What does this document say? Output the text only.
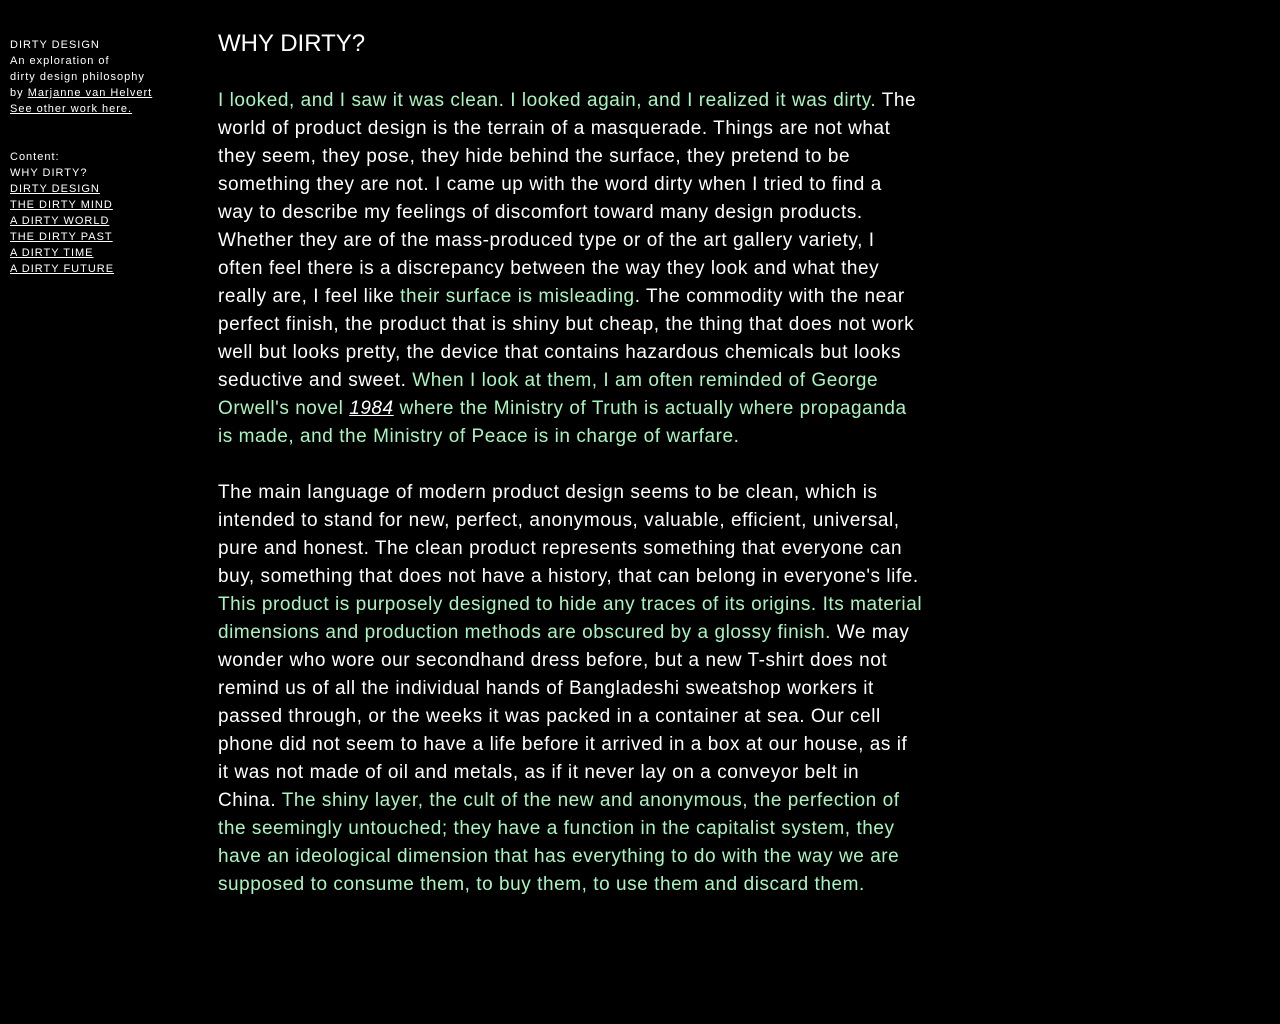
DIRTY DESIGN
An exploration of
dirty design philosophy
by Marjanne van Helvert
See other work here.
Content:
WHY DIRTY?
DIRTY DESIGN
THE DIRTY MIND
A DIRTY WORLD
THE DIRTY PAST
A DIRTY TIME
A DIRTY FUTURE
WHY DIRTY?

I looked, and I saw it was clean. I looked again, and I realized it was dirty. The world of product design is the terrain of a masquerade. Things are not what they seem, they pose, they hide behind the surface, they pretend to be something they are not. I came up with the word dirty when I tried to find a way to describe my feelings of discomfort toward many design products. Whether they are of the mass-produced type or of the art gallery variety, I often feel there is a discrepancy between the way they look and what they really are, I feel like their surface is misleading. The commodity with the near perfect finish, the product that is shiny but cheap, the thing that does not work well but looks pretty, the device that contains hazardous chemicals but looks seductive and sweet. When I look at them, I am often reminded of George Orwell's novel 1984 where the Ministry of Truth is actually where propaganda is made, and the Ministry of Peace is in charge of warfare.

The main language of modern product design seems to be clean, which is intended to stand for new, perfect, anonymous, valuable, efficient, universal, pure and honest. The clean product represents something that everyone can buy, something that does not have a history, that can belong in everyone's life. This product is purposely designed to hide any traces of its origins. Its material dimensions and production methods are obscured by a glossy finish. We may wonder who wore our secondhand dress before, but a new T-shirt does not remind us of all the individual hands of Bangladeshi sweatshop workers it passed through, or the weeks it was packed in a container at sea. Our cell phone did not seem to have a life before it arrived in a box at our house, as if it was not made of oil and metals, as if it never lay on a conveyor belt in China. The shiny layer, the cult of the new and anonymous, the perfection of the seemingly untouched; they have a function in the capitalist system, they have an ideological dimension that has everything to do with the way we are supposed to consume them, to buy them, to use them and discard them.
